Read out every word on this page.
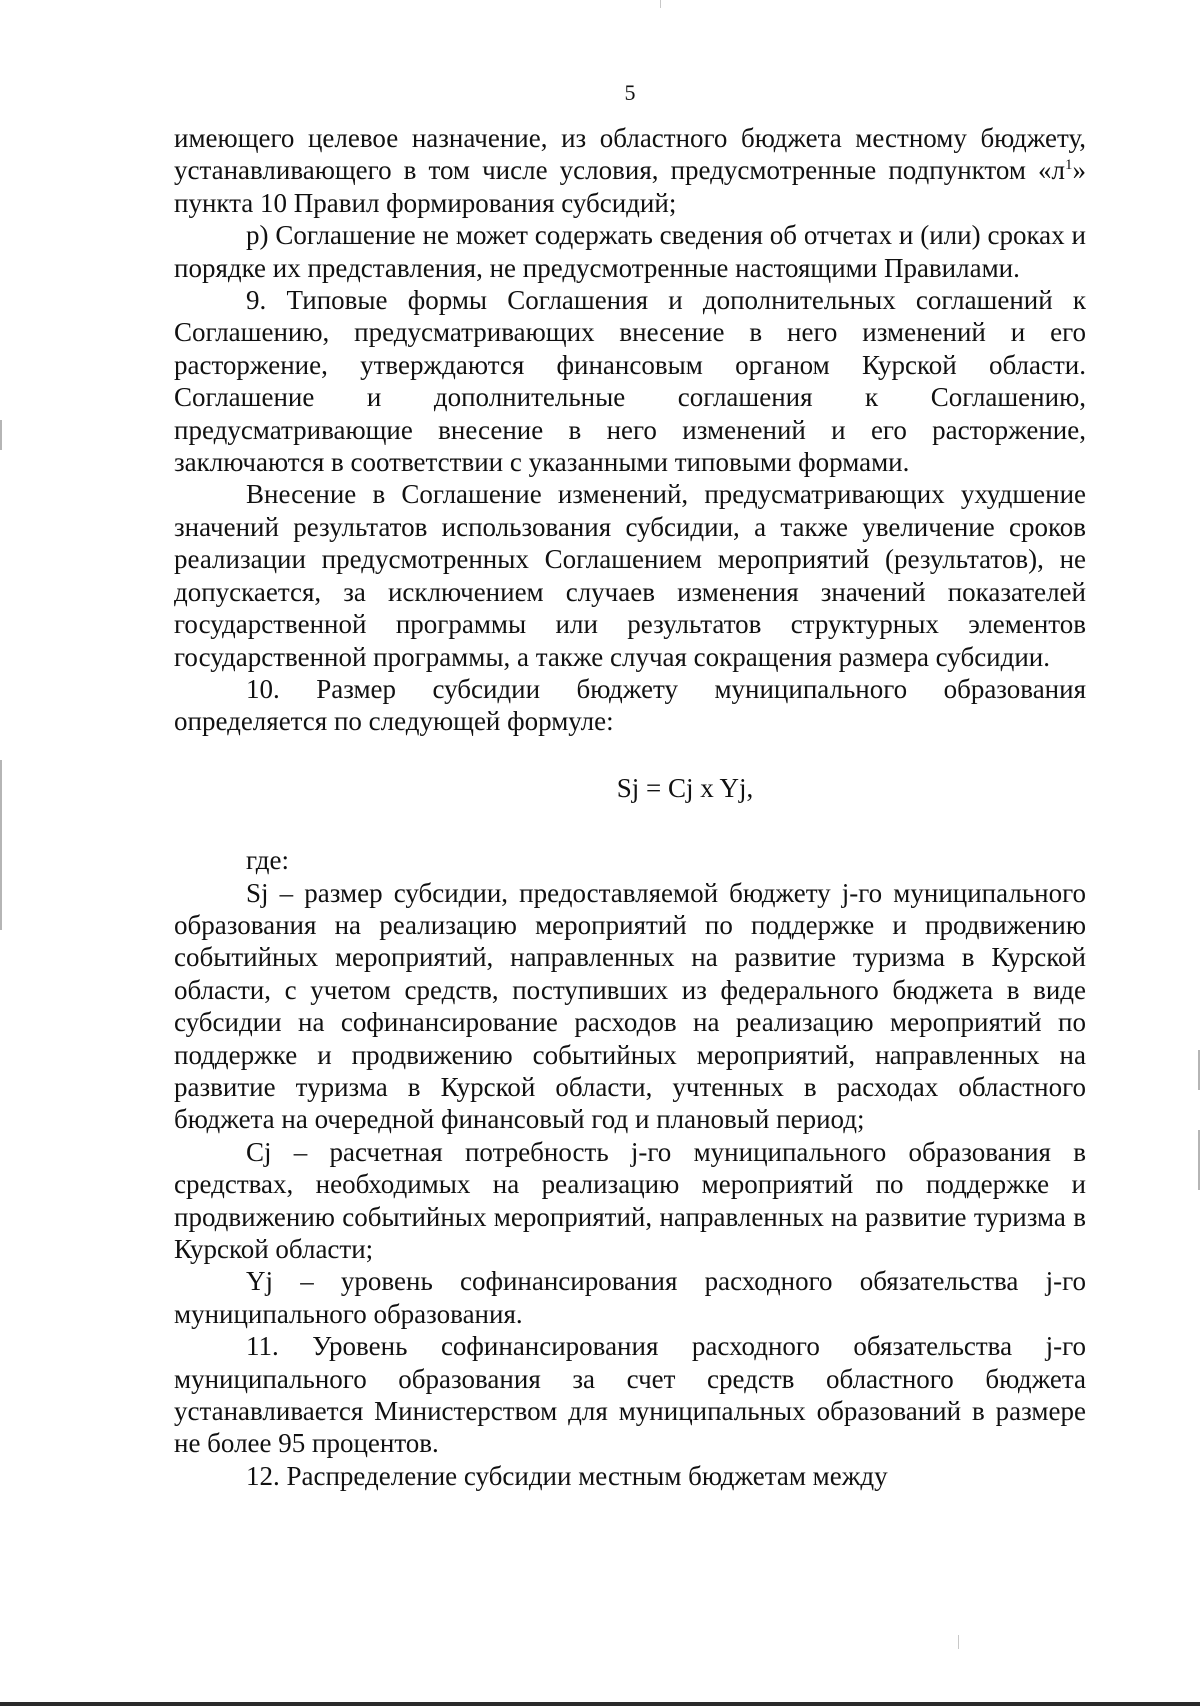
5

имеющего целевое назначение, из областного бюджета местному бюджету, устанавливающего в том числе условия, предусмотренные подпунктом «$л^1$» пункта 10 Правил формирования субсидий;

р) Соглашение не может содержать сведения об отчетах и (или) сроках и порядке их представления, не предусмотренные настоящими Правилами.

9. Типовые формы Соглашения и дополнительных соглашений к Соглашению, предусматривающих внесение в него изменений и его расторжение, утверждаются финансовым органом Курской области. Соглашение и дополнительные соглашения к Соглашению, предусматривающие внесение в него изменений и его расторжение, заключаются в соответствии с указанными типовыми формами.

Внесение в Соглашение изменений, предусматривающих ухудшение значений результатов использования субсидии, а также увеличение сроков реализации предусмотренных Соглашением мероприятий (результатов), не допускается, за исключением случаев изменения значений показателей государственной программы или результатов структурных элементов государственной программы, а также случая сокращения размера субсидии.

10. Размер субсидии бюджету муниципального образования определяется по следующей формуле:

Sj = Cj x Yj,

где:

Sj – размер субсидии, предоставляемой бюджету j-го муниципального образования на реализацию мероприятий по поддержке и продвижению событийных мероприятий, направленных на развитие туризма в Курской области, с учетом средств, поступивших из федерального бюджета в виде субсидии на софинансирование расходов на реализацию мероприятий по поддержке и продвижению событийных мероприятий, направленных на развитие туризма в Курской области, учтенных в расходах областного бюджета на очередной финансовый год и плановый период;

Cj – расчетная потребность j-го муниципального образования в средствах, необходимых на реализацию мероприятий по поддержке и продвижению событийных мероприятий, направленных на развитие туризма в Курской области;

Yj – уровень софинансирования расходного обязательства j-го муниципального образования.

11. Уровень софинансирования расходного обязательства j-го муниципального образования за счет средств областного бюджета устанавливается Министерством для муниципальных образований в размере не более 95 процентов.

12. Распределение субсидии местным бюджетам между
